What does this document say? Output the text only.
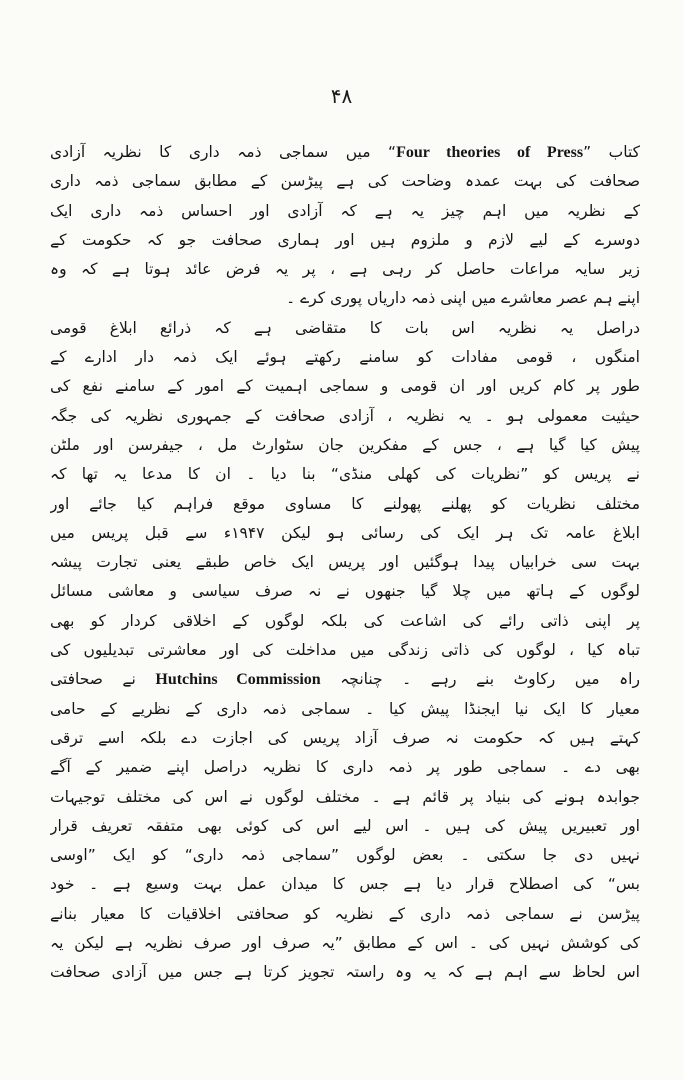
۴۸
کتاب ”Four theories of Press“ میں سماجی ذمہ داری کا نظریہ آزادی
صحافت کی بہت عمدہ وضاحت کی ہے پیڑسن کے مطابق سماجی ذمہ داری
کے نظریہ میں اہم چیز یہ ہے کہ آزادی اور احساس ذمہ داری ایک
دوسرے کے لیے لازم و ملزوم ہیں اور ہماری صحافت جو کہ حکومت کے
زیر سایہ مراعات حاصل کر رہی ہے ، پر یہ فرض عائد ہوتا ہے کہ وہ
اپنے ہم عصر معاشرے میں اپنی ذمہ داریاں پوری کرے ۔
دراصل یہ نظریہ اس بات کا متقاضی ہے کہ ذرائع ابلاغ قومی
امنگوں ، قومی مفادات کو سامنے رکھتے ہوئے ایک ذمہ دار ادارے کے
طور پر کام کریں اور ان قومی و سماجی اہمیت کے امور کے سامنے نفع کی
حیثیت معمولی ہو ۔ یہ نظریہ ، آزادی صحافت کے جمہوری نظریہ کی جگہ
پیش کیا گیا ہے ، جس کے مفکرین جان سٹوارٹ مل ، جیفرسن اور ملٹن
نے پریس کو ”نظریات کی کھلی منڈی“ بنا دیا ۔ ان کا مدعا یہ تھا کہ
مختلف نظریات کو پھلنے پھولنے کا مساوی موقع فراہم کیا جائے اور
ابلاغ عامہ تک ہر ایک کی رسائی ہو لیکن ۱۹۴۷ء سے قبل پریس میں
بہت سی خرابیاں پیدا ہوگئیں اور پریس ایک خاص طبقے یعنی تجارت پیشہ
لوگوں کے ہاتھ میں چلا گیا جنھوں نے نہ صرف سیاسی و معاشی مسائل
پر اپنی ذاتی رائے کی اشاعت کی بلکہ لوگوں کے اخلاقی کردار کو بھی
تباہ کیا ، لوگوں کی ذاتی زندگی میں مداخلت کی اور معاشرتی تبدیلیوں کی
راہ میں رکاوٹ بنے رہے ۔ چنانچہ Hutchins Commission نے صحافتی
معیار کا ایک نیا ایجنڈا پیش کیا ۔ سماجی ذمہ داری کے نظریے کے حامی
کہتے ہیں کہ حکومت نہ صرف آزاد پریس کی اجازت دے بلکہ اسے ترقی
بھی دے ۔ سماجی طور پر ذمہ داری کا نظریہ دراصل اپنے ضمیر کے آگے
جوابدہ ہونے کی بنیاد پر قائم ہے ۔ مختلف لوگوں نے اس کی مختلف توجیہات
اور تعبیریں پیش کی ہیں ۔ اس لیے اس کی کوئی بھی متفقہ تعریف قرار
نہیں دی جا سکتی ۔ بعض لوگوں ”سماجی ذمہ داری“ کو ایک ”اوسی
بس“ کی اصطلاح قرار دیا ہے جس کا میدان عمل بہت وسیع ہے ۔ خود
پیڑسن نے سماجی ذمہ داری کے نظریہ کو صحافتی اخلاقیات کا معیار بنانے
کی کوشش نہیں کی ۔ اس کے مطابق ”یہ صرف اور صرف نظریہ ہے لیکن یہ
اس لحاظ سے اہم ہے کہ یہ وہ راستہ تجویز کرتا ہے جس میں آزادی صحافت
